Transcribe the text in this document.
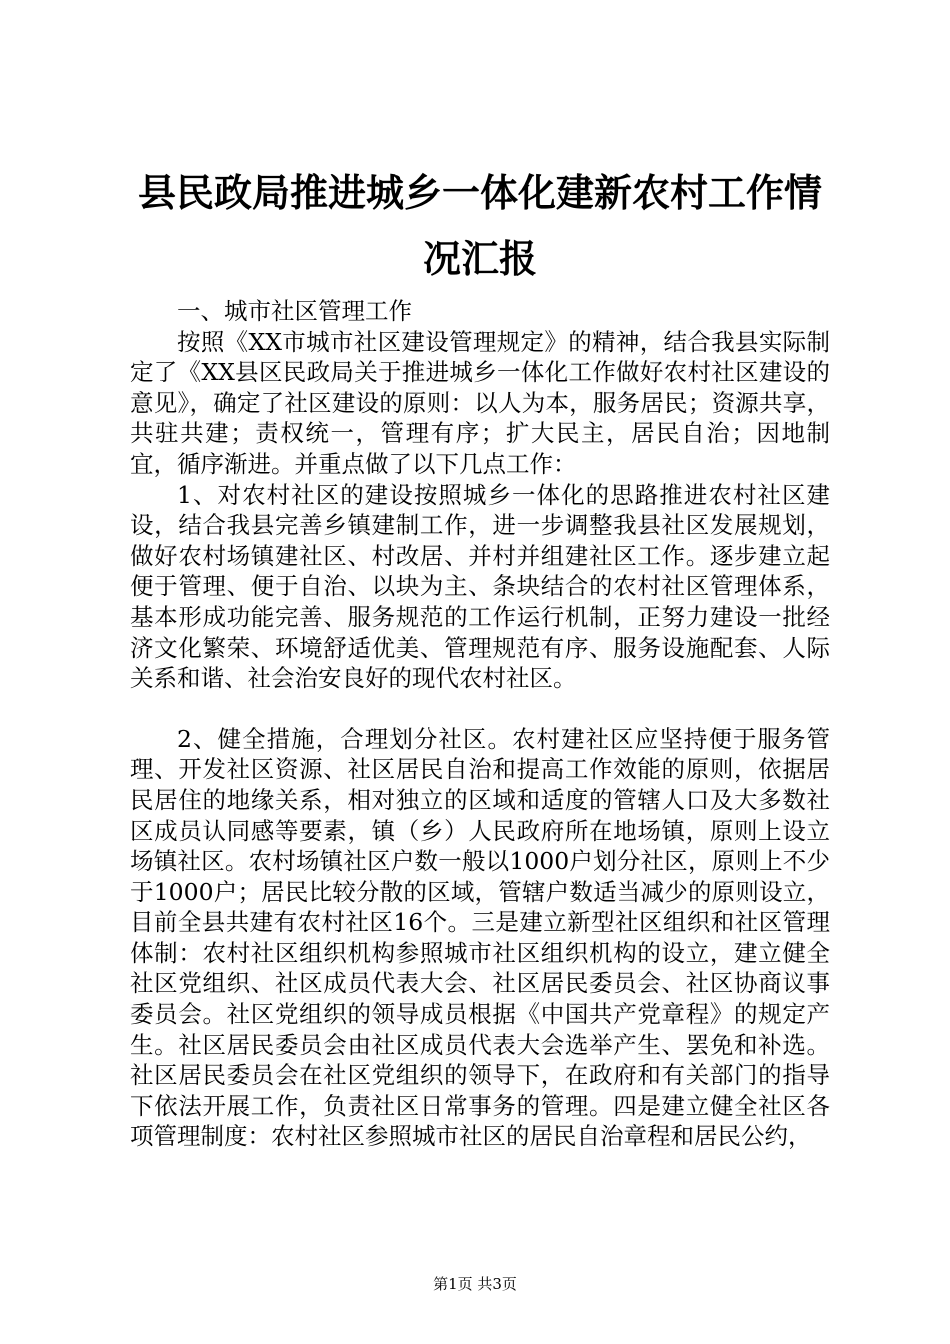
县民政局推进城乡一体化建新农村工作情况汇报

一、城市社区管理工作

按照《XX市城市社区建设管理规定》的精神，结合我县实际制定了《XX县区民政局关于推进城乡一体化工作做好农村社区建设的意见》，确定了社区建设的原则：以人为本，服务居民；资源共享，共驻共建；责权统一，管理有序；扩大民主，居民自治；因地制宜，循序渐进。并重点做了以下几点工作：

1、对农村社区的建设按照城乡一体化的思路推进农村社区建设，结合我县完善乡镇建制工作，进一步调整我县社区发展规划，做好农村场镇建社区、村改居、并村并组建社区工作。逐步建立起便于管理、便于自治、以块为主、条块结合的农村社区管理体系，基本形成功能完善、服务规范的工作运行机制，正努力建设一批经济文化繁荣、环境舒适优美、管理规范有序、服务设施配套、人际关系和谐、社会治安良好的现代农村社区。

2、健全措施，合理划分社区。农村建社区应坚持便于服务管理、开发社区资源、社区居民自治和提高工作效能的原则，依据居民居住的地缘关系，相对独立的区域和适度的管辖人口及大多数社区成员认同感等要素，镇（乡）人民政府所在地场镇，原则上设立场镇社区。农村场镇社区户数一般以1000户划分社区，原则上不少于1000户；居民比较分散的区域，管辖户数适当减少的原则设立，目前全县共建有农村社区16个。三是建立新型社区组织和社区管理体制：农村社区组织机构参照城市社区组织机构的设立，建立健全社区党组织、社区成员代表大会、社区居民委员会、社区协商议事委员会。社区党组织的领导成员根据《中国共产党章程》的规定产生。社区居民委员会由社区成员代表大会选举产生、罢免和补选。社区居民委员会在社区党组织的领导下，在政府和有关部门的指导下依法开展工作，负责社区日常事务的管理。四是建立健全社区各项管理制度：农村社区参照城市社区的居民自治章程和居民公约，

第1页 共3页
